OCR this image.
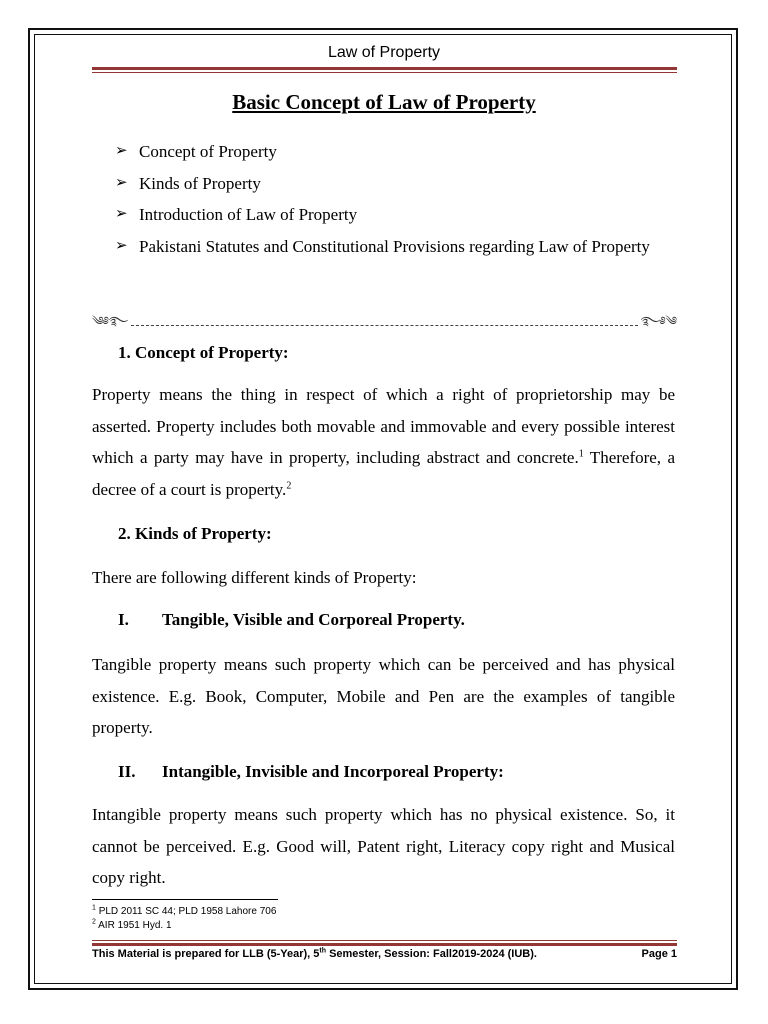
Law of Property
Basic Concept of Law of Property
➢ Concept of Property
➢ Kinds of Property
➢ Introduction of Law of Property
➢ Pakistani Statutes and Constitutional Provisions regarding Law of Property
༄༅࿐	࿐༅༄
1. Concept of Property:
Property means the thing in respect of which a right of proprietorship may be asserted. Property includes both movable and immovable and every possible interest which a party may have in property, including abstract and concrete.$^1$ Therefore, a decree of a court is property.$^2$
2. Kinds of Property:
There are following different kinds of Property:
I. Tangible, Visible and Corporeal Property.
Tangible property means such property which can be perceived and has physical existence. E.g. Book, Computer, Mobile and Pen are the examples of tangible property.
II. Intangible, Invisible and Incorporeal Property:
Intangible property means such property which has no physical existence. So, it cannot be perceived. E.g. Good will, Patent right, Literacy copy right and Musical copy right.
$^1$ PLD 2011 SC 44; PLD 1958 Lahore 706
$^2$ AIR 1951 Hyd. 1
This Material is prepared for LLB (5-Year), 5th Semester, Session: Fall2019-2024 (IUB).	Page 1
